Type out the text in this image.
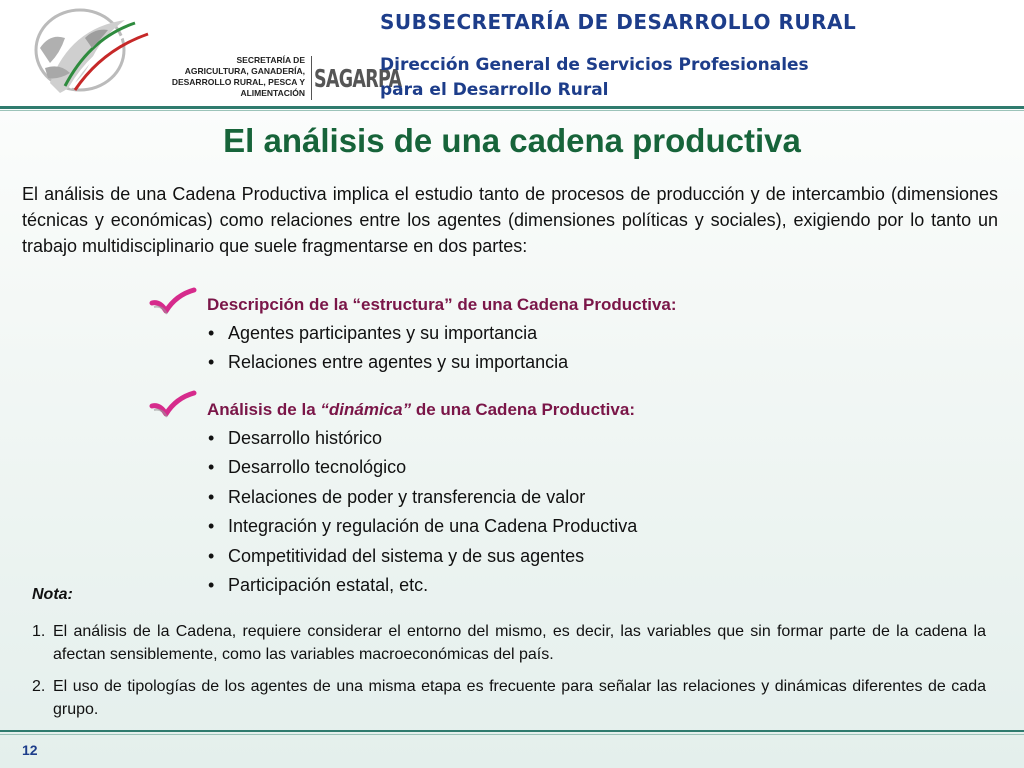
SECRETARÍA DE
AGRICULTURA, GANADERÍA,
DESARROLLO RURAL, PESCA Y ALIMENTACIÓN SAGARPA
SUBSECRETARÍA DE DESARROLLO RURAL
Dirección General de Servicios Profesionales
para el Desarrollo Rural
El análisis de una cadena productiva
El análisis de una Cadena Productiva implica el estudio tanto de procesos de producción y de intercambio (dimensiones técnicas y económicas) como relaciones entre los agentes (dimensiones políticas y sociales), exigiendo por lo tanto un trabajo multidisciplinario que suele fragmentarse en dos partes:
Descripción de la “estructura” de una Cadena Productiva:
• Agentes participantes y su importancia
• Relaciones entre agentes y su importancia
Análisis de la “dinámica” de una Cadena Productiva:
• Desarrollo histórico
• Desarrollo tecnológico
• Relaciones de poder y transferencia de valor
• Integración y regulación de una Cadena Productiva
• Competitividad del sistema y de sus agentes
• Participación estatal, etc.
Nota:
1. El análisis de la Cadena, requiere considerar el entorno del mismo, es decir, las variables que sin formar parte de la cadena la afectan sensiblemente, como las variables macroeconómicas del país.
2. El uso de tipologías de los agentes de una misma etapa es frecuente para señalar las relaciones y dinámicas diferentes de cada grupo.
12
